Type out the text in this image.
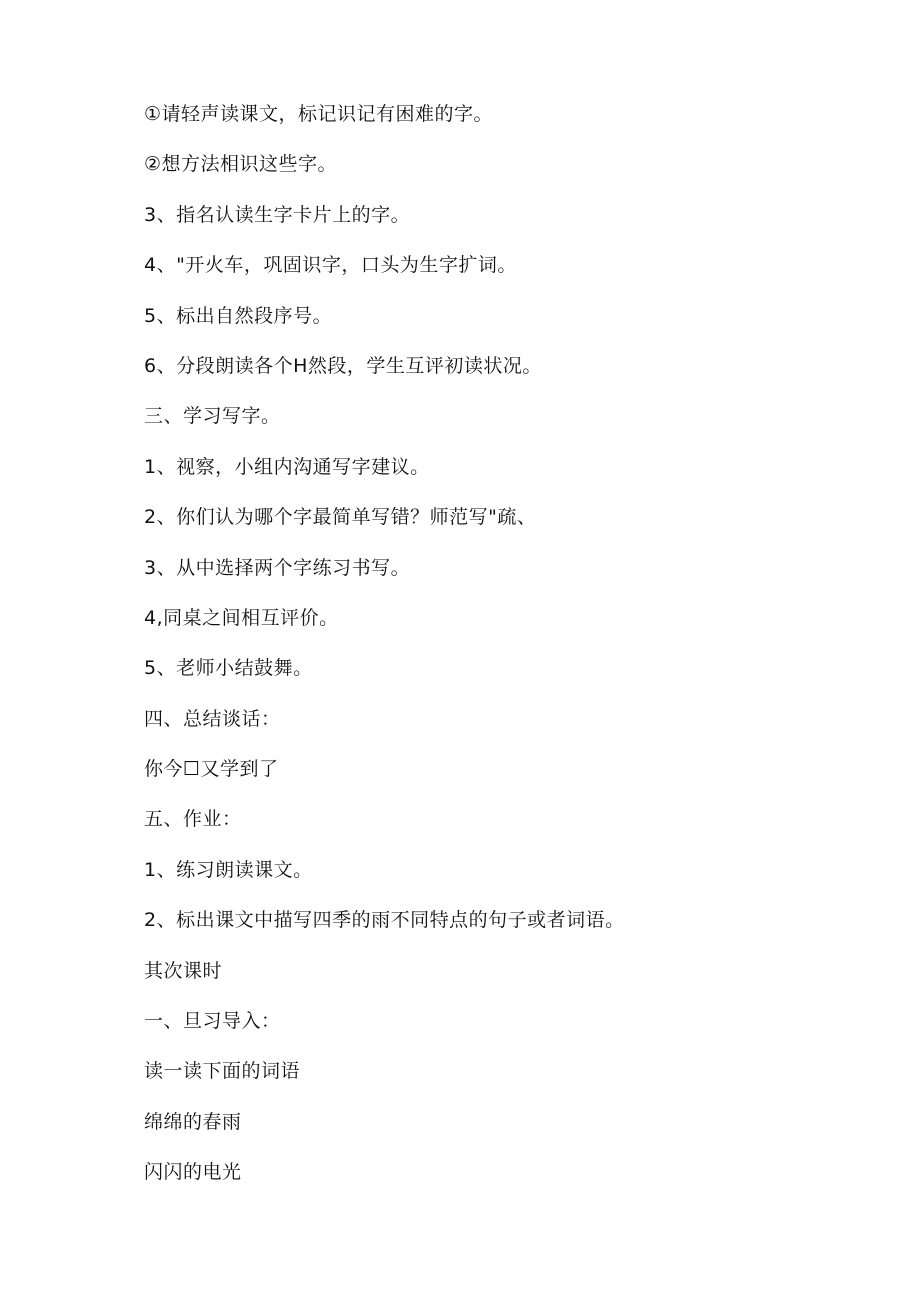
①请轻声读课文，标记识记有困难的字。
②想方法相识这些字。
3、指名认读生字卡片上的字。
4、"开火车，巩固识字，口头为生字扩词。
5、标出自然段序号。
6、分段朗读各个H然段，学生互评初读状况。
三、学习写字。
1、视察，小组内沟通写字建议。
2、你们认为哪个字最简单写错？师范写"疏、
3、从中选择两个字练习书写。
4,同桌之间相互评价。
5、老师小结鼓舞。
四、总结谈话：
你今☐又学到了
五、作业：
1、练习朗读课文。
2、标出课文中描写四季的雨不同特点的句子或者词语。
其次课时
一、旦习导入：
读一读下面的词语
绵绵的春雨
闪闪的电光
